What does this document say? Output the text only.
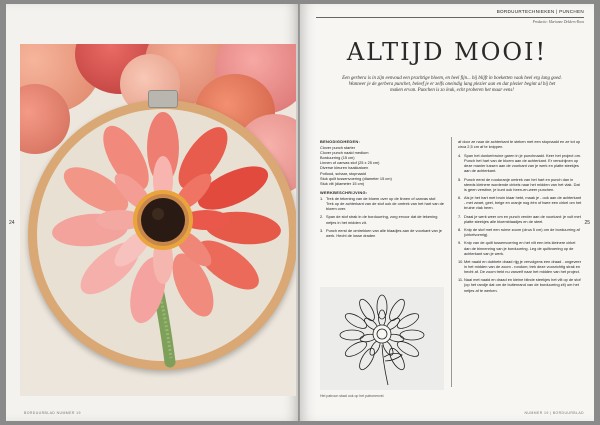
24
BORDUURBLAD NUMMER 19
BORDUURTECHNIEKEN | PUNCHEN
Productie: Marianne Dekkers-Roos
ALTIJD MOOI!
Een gerbera is in zijn eenvoud een prachtige bloem, en heel fijn... bij blijft in boeketten vaak heel erg lang goed. Wanneer je de gerbera punchet, beleef je er zelfs oneindig lang plezier aan en dat plezier begint al bij het maken ervan. Punchen is zo leuk, echt proberen het maar eens!
BENODIGDHEDEN:
Clover punch starter
Clover punch naald medium
Borduurring (15 cm)
Linnen of canvas stof (25 x 25 cm)
Diverse kleuren haakkatoen
Potlood, schaar, stopnaald
Stuk quilt tussenvoering (diameter 15 cm)
Stuk vilt (diameter 15 cm)
WERKBESCHRIJVING:
1. Trek de tekening van de bloem over op de linnen of canvas stof. Trek op de achterkant van de stof ook de omtrek van het hart van de bloem over.
2. Span de stof strak in de borduurring, zorg ervoor dat de tekening netjes in het midden zit.
3. Punch eerst de omtrekken van alle blaadjes aan de voorkant van je werk. Hecht de losse draden
af door ze naar de achterkant te steken met een stopnaald en ze tot op circa 2,5 cm af te knippen.
4. Span het donkerbruine garen in je punchnaald. Keer het project om. Punch het hart van de bloem aan de achterkant. Er verschijnen op deze manier lussen aan de voorkant van je werk en platte steekjes aan de achterkant.
5. Punch eerst de roodoranje omtrek van het hart en punch dan in steeds kleinere wordende cirkels naar het midden van het vlak. Dat is geen verstine, je kunt ook heen-en-weer punchen.
6. Als je het hart met bruin klaar hebt, maak je - ook aan de achterkant - met zwart, geel, beige en oranje nog één of twee een cirkel om het bruine vlak heen.
7. Draai je werk weer om en punch verder aan de voorkant: je vult met platte steekjes alle bloemblaadjes en de steel.
8. Knip de stof met een ruime zoom (circa 5 cm) om de borduurring af (cirkelvormig).
9. Knip van de quilt tussenvoering en het vilt een iets kleinere cirkel dan de binnenring van je borduurring. Leg de quiltvoering op de achterkant van je werk.
10. Met naald en dubbele draad rijg je vervolgens een draad - ongeveer in het midden van de zoom - rondom; trek deze voorzichtig strak en hecht af. De zoom trekt nu vanzelf naar het midden van het project.
11. Naai met naald en draad en kleine blinde steekjes het vilt op de stof (op het randje dat om de buitenrand van de borduurring zit) om het netjes af te werken.
Het patroon staat ook op het patronenvel.
25
NUMMER 19 | BORDUURBLAD
